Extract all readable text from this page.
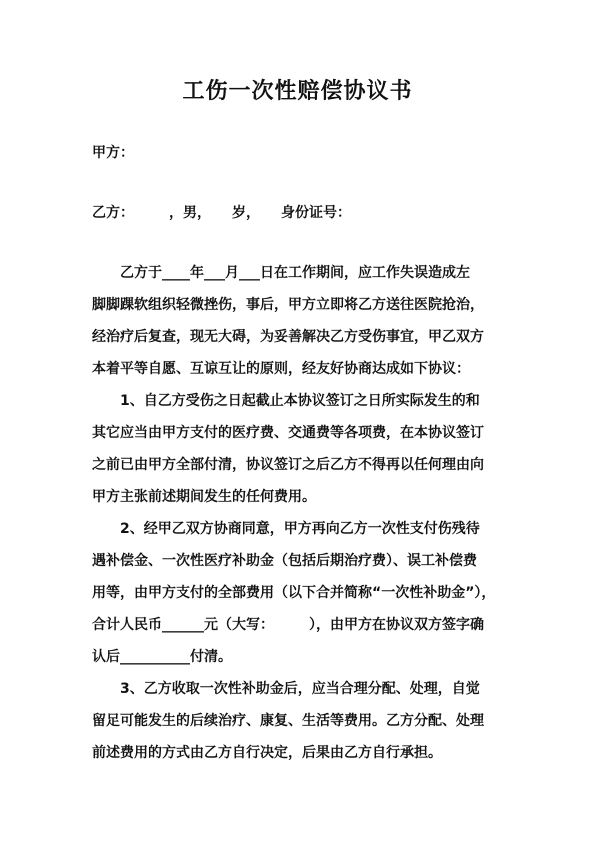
工伤一次性赔偿协议书

甲方：

乙方：　　　，男，　　岁，　　身份证号：

　　乙方于____年___月___日在工作期间，应工作失误造成左

脚脚踝软组织轻微挫伤，事后，甲方立即将乙方送往医院抢治，

经治疗后复查，现无大碍，为妥善解决乙方受伤事宜，甲乙双方

本着平等自愿、互谅互让的原则，经友好协商达成如下协议：

　　1、自乙方受伤之日起截止本协议签订之日所实际发生的和

其它应当由甲方支付的医疗费、交通费等各项费，在本协议签订

之前已由甲方全部付清，协议签订之后乙方不得再以任何理由向

甲方主张前述期间发生的任何费用。

　　2、经甲乙双方协商同意，甲方再向乙方一次性支付伤残待

遇补偿金、一次性医疗补助金（包括后期治疗费）、误工补偿费

用等，由甲方支付的全部费用（以下合并简称“一次性补助金”），

合计人民币______元（大写：　　　），由甲方在协议双方签字确

认后__________付清。

　　3、乙方收取一次性补助金后，应当合理分配、处理，自觉

留足可能发生的后续治疗、康复、生活等费用。乙方分配、处理

前述费用的方式由乙方自行决定，后果由乙方自行承担。
